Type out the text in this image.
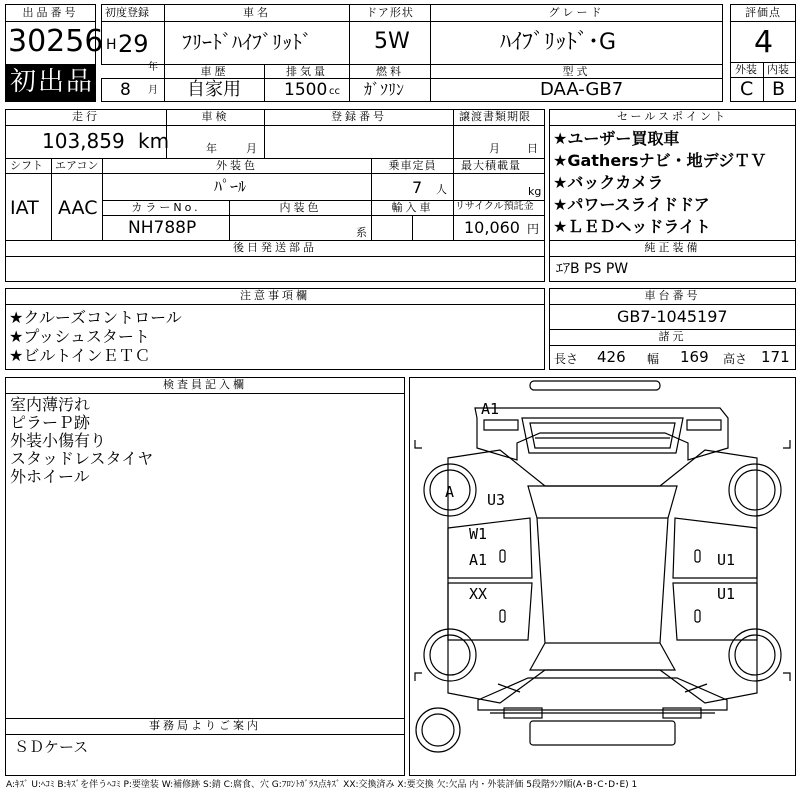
出品番号
30256
初出品
初度登録
H 29
年
8 月
車名
ﾌﾘｰﾄﾞﾊｲﾌﾞﾘｯﾄﾞ
ドア形状
5W
グレード
ﾊｲﾌﾞﾘｯﾄﾞ･G
評価点
4
外装 内装
C B
車歴
自家用
排気量
1500 cc
燃料
ｶﾞｿﾘﾝ
型式
DAA-GB7
走行
103,859 km
車検
年	月
登録番号	譲渡書類期限
月 日
シフト
IAT
エアコン
AAC
外装色
ﾊﾟｰﾙ
乗車定員
7 人
最大積載量
kg
カラーNo.
NH788P
内装色
系
輸入車	リサイクル預託金
10,060 円
後日発送部品
セールスポイント
★ユーザー買取車
★Gathersナビ・地デジＴＶ
★バックカメラ
★パワースライドドア
★ＬＥＤヘッドライト
純正装備
ｴｱB PS PW
注意事項欄
★クルーズコントロール
★プッシュスタート
★ビルトインＥＴＣ
車台番号
GB7-1045197
諸元
長さ 426 幅 169 高さ 171
検査員記入欄
室内薄汚れ
ピラーＰ跡
外装小傷有り
スタッドレスタイヤ
外ホイール
事務局よりご案内
ＳＤケース
A1
A U3
W1
A1	U1
XX	U1
A:ｷｽﾞ U:ﾍｺﾐ B:ｷｽﾞを伴うﾍｺﾐ P:要塗装 W:補修跡 S:錆 C:腐食、穴 G:ﾌﾛﾝﾄｶﾞﾗｽ点ｷｽﾞ XX:交換済み X:要交換 欠:欠品 内・外装評価 5段階ﾗﾝｸ順(A･B･C･D･E) 1
